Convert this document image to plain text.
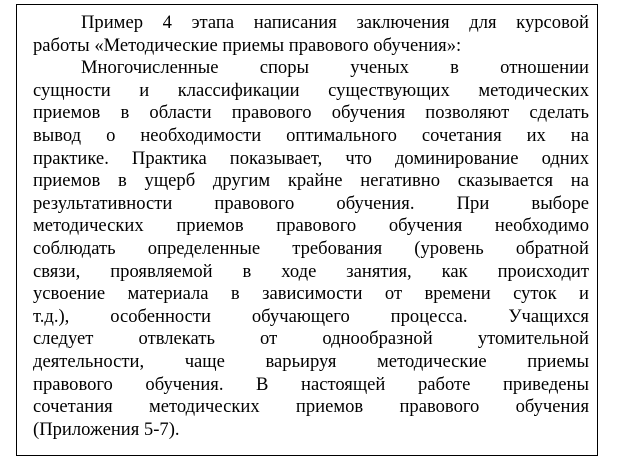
Пример 4 этапа написания заключения для курсовой
работы «Методические приемы правового обучения»:
Многочисленные споры ученых в отношении
сущности и классификации существующих методических
приемов в области правового обучения позволяют сделать
вывод о необходимости оптимального сочетания их на
практике. Практика показывает, что доминирование одних
приемов в ущерб другим крайне негативно сказывается на
результативности правового обучения. При выборе
методических приемов правового обучения необходимо
соблюдать определенные требования (уровень обратной
связи, проявляемой в ходе занятия, как происходит
усвоение материала в зависимости от времени суток и
т.д.), особенности обучающего процесса. Учащихся
следует отвлекать от однообразной утомительной
деятельности, чаще варьируя методические приемы
правового обучения. В настоящей работе приведены
сочетания методических приемов правового обучения
(Приложения 5-7).
